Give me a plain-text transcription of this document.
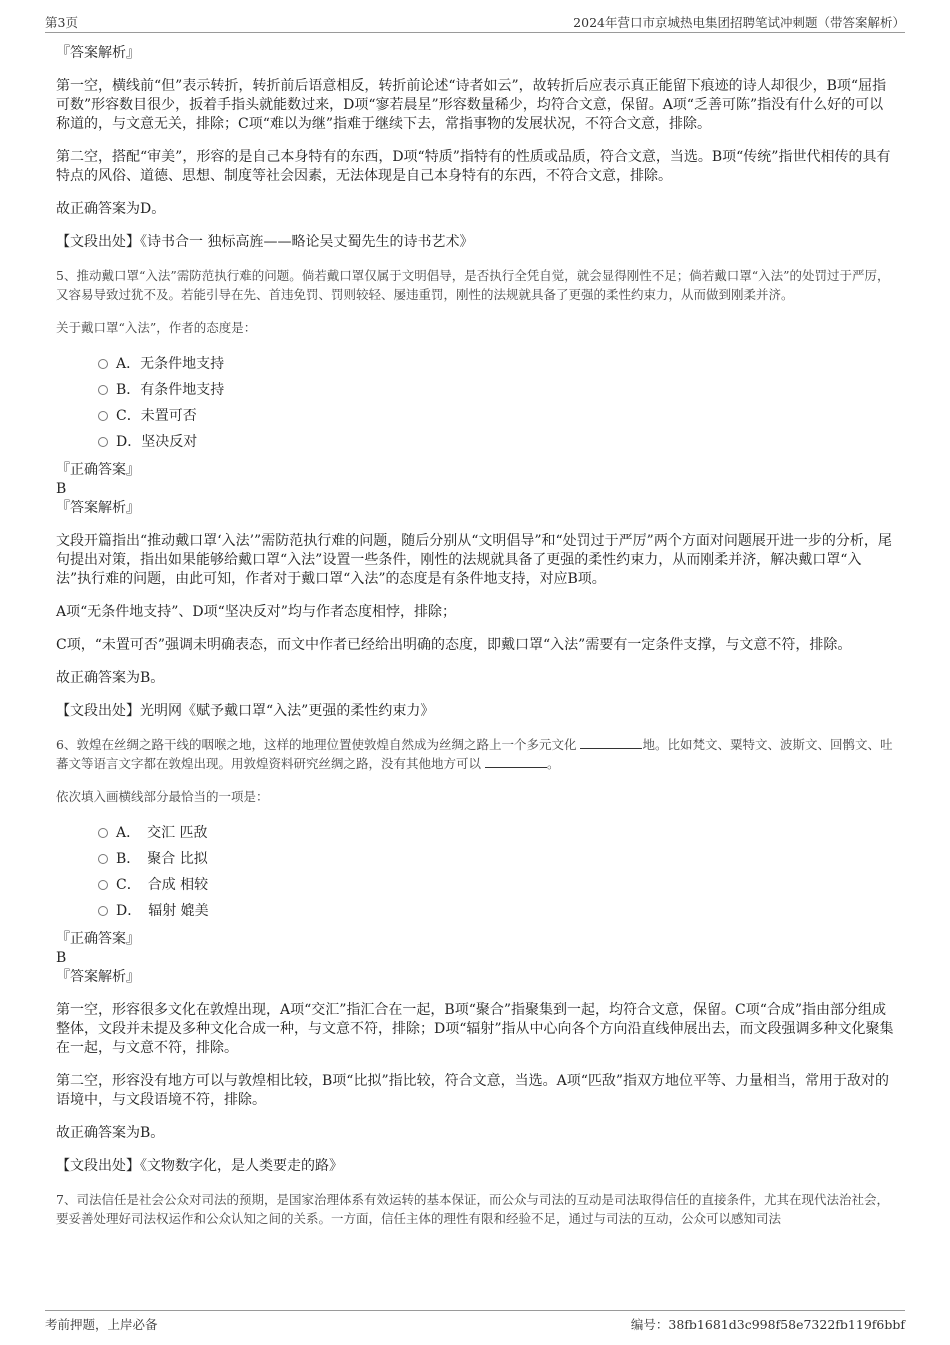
第3页	2024年营口市京城热电集团招聘笔试冲刺题（带答案解析）

『答案解析』

第一空，横线前“但”表示转折，转折前后语意相反，转折前论述“诗者如云”，故转折后应表示真正能留下痕迹的诗人却很少，B项“屈指可数”形容数目很少，扳着手指头就能数过来，D项“寥若晨星”形容数量稀少，均符合文意，保留。A项“乏善可陈”指没有什么好的可以称道的，与文意无关，排除；C项“难以为继”指难于继续下去，常指事物的发展状况，不符合文意，排除。

第二空，搭配“审美”，形容的是自己本身特有的东西，D项“特质”指特有的性质或品质，符合文意，当选。B项“传统”指世代相传的具有特点的风俗、道德、思想、制度等社会因素，无法体现是自己本身特有的东西，不符合文意，排除。

故正确答案为D。

【文段出处】《诗书合一 独标高旌——略论吴丈蜀先生的诗书艺术》

5、推动戴口罩“入法”需防范执行难的问题。倘若戴口罩仅属于文明倡导，是否执行全凭自觉，就会显得刚性不足；倘若戴口罩“入法”的处罚过于严厉，又容易导致过犹不及。若能引导在先、首违免罚、罚则较轻、屡违重罚，刚性的法规就具备了更强的柔性约束力，从而做到刚柔并济。

关于戴口罩“入法”，作者的态度是：

A．无条件地支持
B．有条件地支持
C．未置可否
D．坚决反对

『正确答案』

B

『答案解析』

文段开篇指出“推动戴口罩‘入法’”需防范执行难的问题，随后分别从“文明倡导”和“处罚过于严厉”两个方面对问题展开进一步的分析，尾句提出对策，指出如果能够给戴口罩“入法”设置一些条件，刚性的法规就具备了更强的柔性约束力，从而刚柔并济，解决戴口罩“入法”执行难的问题，由此可知，作者对于戴口罩“入法”的态度是有条件地支持，对应B项。

A项“无条件地支持”、D项“坚决反对”均与作者态度相悖，排除；

C项，“未置可否”强调未明确表态，而文中作者已经给出明确的态度，即戴口罩“入法”需要有一定条件支撑，与文意不符，排除。

故正确答案为B。

【文段出处】光明网《赋予戴口罩“入法”更强的柔性约束力》

6、敦煌在丝绸之路干线的咽喉之地，这样的地理位置使敦煌自然成为丝绸之路上一个多元文化	地。比如梵文、粟特文、波斯文、回鹘文、吐蕃文等语言文字都在敦煌出现。用敦煌资料研究丝绸之路，没有其他地方可以	。

依次填入画横线部分最恰当的一项是：

A．　交汇 匹敌
B．　聚合 比拟
C．　合成 相较
D．　辐射 媲美

『正确答案』

B

『答案解析』

第一空，形容很多文化在敦煌出现，A项“交汇”指汇合在一起，B项“聚合”指聚集到一起，均符合文意，保留。C项“合成”指由部分组成整体，文段并未提及多种文化合成一种，与文意不符，排除；D项“辐射”指从中心向各个方向沿直线伸展出去，而文段强调多种文化聚集在一起，与文意不符，排除。

第二空，形容没有地方可以与敦煌相比较，B项“比拟”指比较，符合文意，当选。A项“匹敌”指双方地位平等、力量相当，常用于敌对的语境中，与文段语境不符，排除。

故正确答案为B。

【文段出处】《文物数字化，是人类要走的路》

7、司法信任是社会公众对司法的预期，是国家治理体系有效运转的基本保证，而公众与司法的互动是司法取得信任的直接条件，尤其在现代法治社会，要妥善处理好司法权运作和公众认知之间的关系。一方面，信任主体的理性有限和经验不足，通过与司法的互动，公众可以感知司法

考前押题，上岸必备	编号：38fb1681d3c998f58e7322fb119f6bbf
